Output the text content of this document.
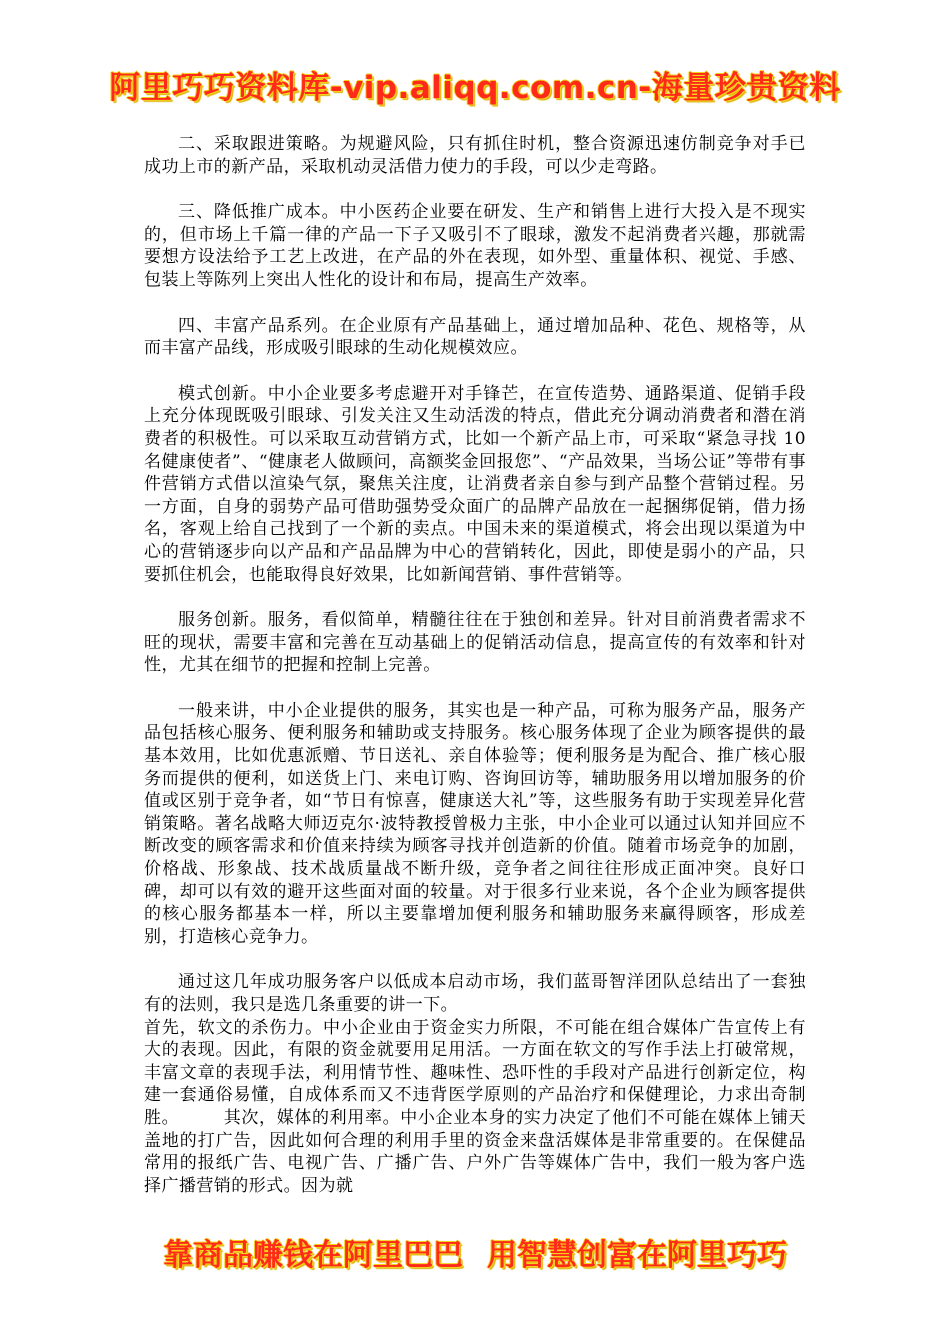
阿里巧巧资料库-vip.aliqq.com.cn-海量珍贵资料

二、采取跟进策略。为规避风险，只有抓住时机，整合资源迅速仿制竞争对手已成功上市的新产品，采取机动灵活借力使力的手段，可以少走弯路。

三、降低推广成本。中小医药企业要在研发、生产和销售上进行大投入是不现实的，但市场上千篇一律的产品一下子又吸引不了眼球，激发不起消费者兴趣，那就需要想方设法给予工艺上改进，在产品的外在表现，如外型、重量体积、视觉、手感、包装上等陈列上突出人性化的设计和布局，提高生产效率。

四、丰富产品系列。在企业原有产品基础上，通过增加品种、花色、规格等，从而丰富产品线，形成吸引眼球的生动化规模效应。

模式创新。中小企业要多考虑避开对手锋芒，在宣传造势、通路渠道、促销手段上充分体现既吸引眼球、引发关注又生动活泼的特点，借此充分调动消费者和潜在消费者的积极性。可以采取互动营销方式，比如一个新产品上市，可采取“紧急寻找 10 名健康使者”、“健康老人做顾问，高额奖金回报您”、“产品效果，当场公证”等带有事件营销方式借以渲染气氛，聚焦关注度，让消费者亲自参与到产品整个营销过程。另一方面，自身的弱势产品可借助强势受众面广的品牌产品放在一起捆绑促销，借力扬名，客观上给自己找到了一个新的卖点。中国未来的渠道模式，将会出现以渠道为中心的营销逐步向以产品和产品品牌为中心的营销转化，因此，即使是弱小的产品，只要抓住机会，也能取得良好效果，比如新闻营销、事件营销等。

服务创新。服务，看似简单，精髓往往在于独创和差异。针对目前消费者需求不旺的现状，需要丰富和完善在互动基础上的促销活动信息，提高宣传的有效率和针对性，尤其在细节的把握和控制上完善。

一般来讲，中小企业提供的服务，其实也是一种产品，可称为服务产品，服务产品包括核心服务、便利服务和辅助或支持服务。核心服务体现了企业为顾客提供的最基本效用，比如优惠派赠、节日送礼、亲自体验等；便利服务是为配合、推广核心服务而提供的便利，如送货上门、来电订购、咨询回访等，辅助服务用以增加服务的价值或区别于竞争者，如“节日有惊喜，健康送大礼”等，这些服务有助于实现差异化营销策略。著名战略大师迈克尔·波特教授曾极力主张，中小企业可以通过认知并回应不断改变的顾客需求和价值来持续为顾客寻找并创造新的价值。随着市场竞争的加剧，价格战、形象战、技术战质量战不断升级，竞争者之间往往形成正面冲突。良好口碑，却可以有效的避开这些面对面的较量。对于很多行业来说，各个企业为顾客提供的核心服务都基本一样，所以主要靠增加便利服务和辅助服务来赢得顾客，形成差别，打造核心竞争力。

通过这几年成功服务客户以低成本启动市场，我们蓝哥智洋团队总结出了一套独有的法则，我只是选几条重要的讲一下。

首先，软文的杀伤力。中小企业由于资金实力所限，不可能在组合媒体广告宣传上有大的表现。因此，有限的资金就要用足用活。一方面在软文的写作手法上打破常规，丰富文章的表现手法，利用情节性、趣味性、恐吓性的手段对产品进行创新定位，构建一套通俗易懂，自成体系而又不违背医学原则的产品治疗和保健理论，力求出奇制胜。　　　其次，媒体的利用率。中小企业本身的实力决定了他们不可能在媒体上铺天盖地的打广告，因此如何合理的利用手里的资金来盘活媒体是非常重要的。在保健品常用的报纸广告、电视广告、广播广告、户外广告等媒体广告中，我们一般为客户选择广播营销的形式。因为就

靠商品赚钱在阿里巴巴 用智慧创富在阿里巧巧
